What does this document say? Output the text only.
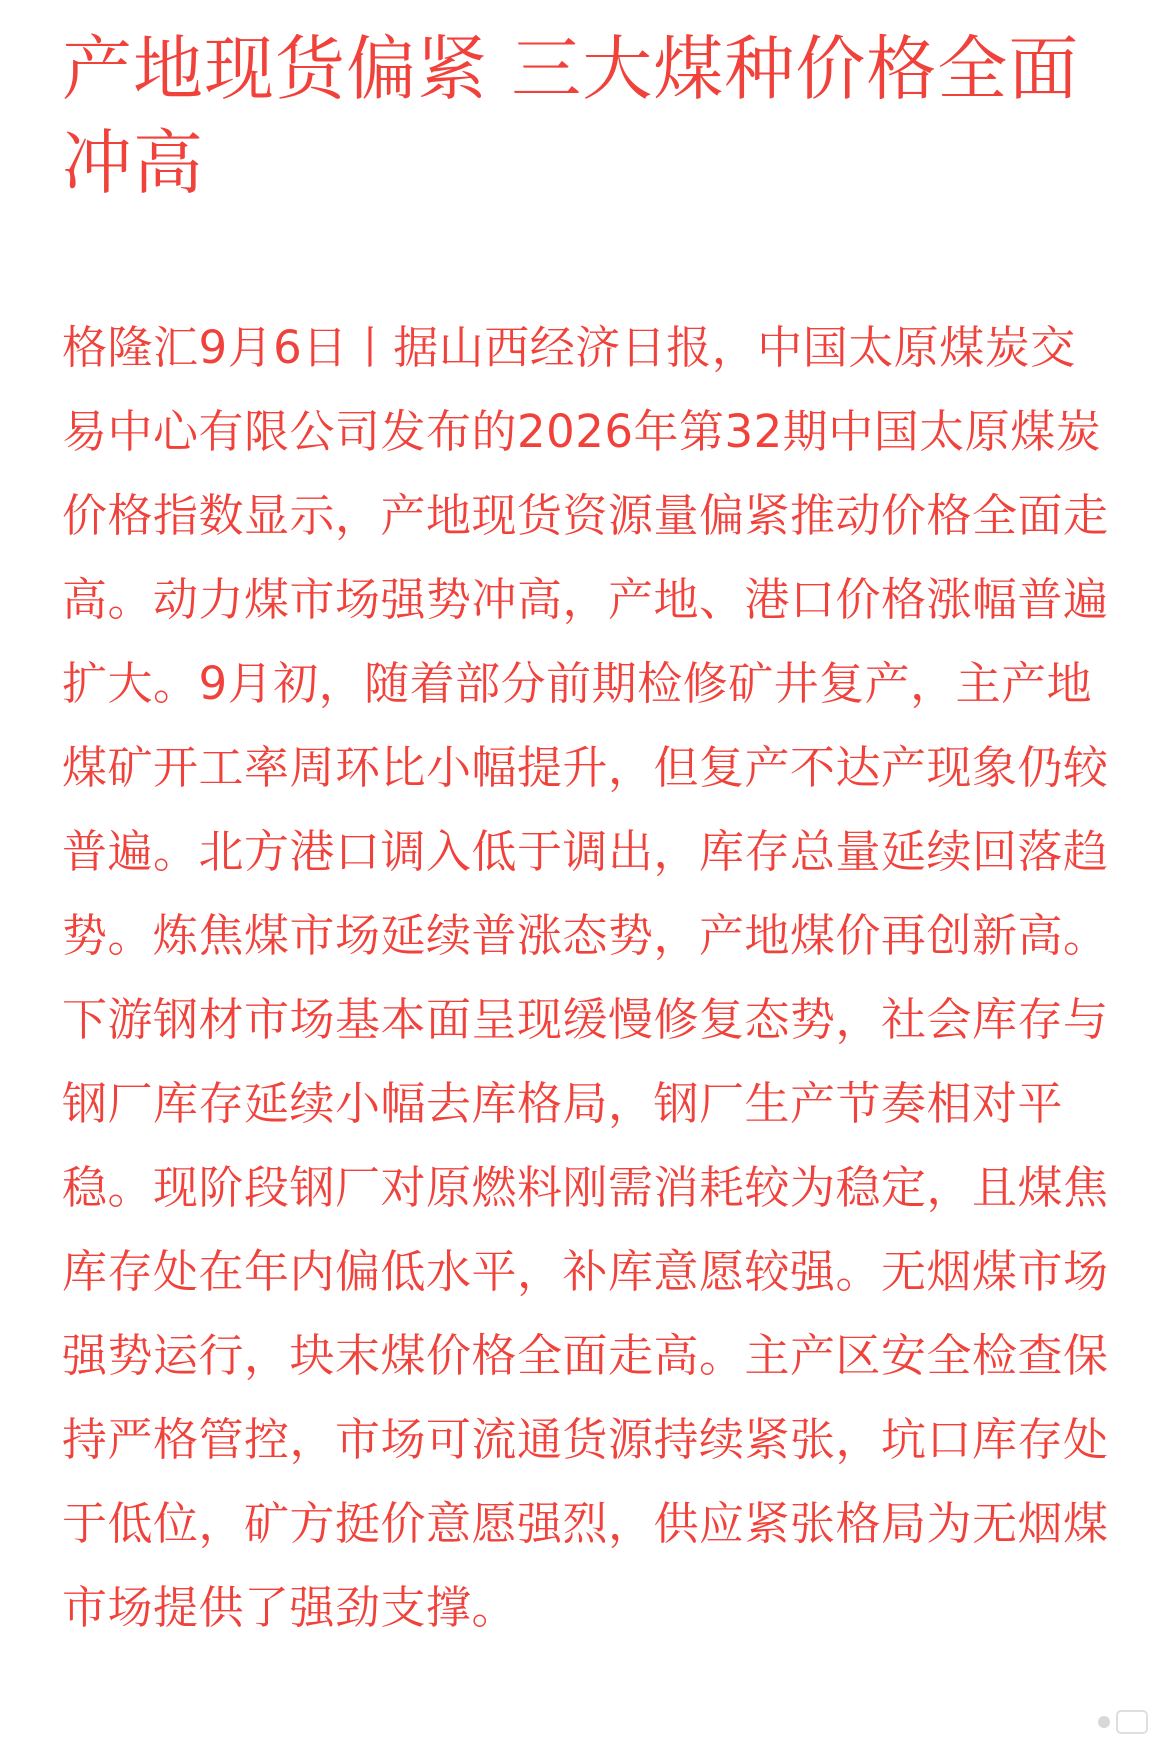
产地现货偏紧 三大煤种价格全面冲高

格隆汇9月6日丨据山西经济日报，中国太原煤炭交易中心有限公司发布的2026年第32期中国太原煤炭价格指数显示，产地现货资源量偏紧推动价格全面走高。动力煤市场强势冲高，产地、港口价格涨幅普遍扩大。9月初，随着部分前期检修矿井复产，主产地煤矿开工率周环比小幅提升，但复产不达产现象仍较普遍。北方港口调入低于调出，库存总量延续回落趋势。炼焦煤市场延续普涨态势，产地煤价再创新高。下游钢材市场基本面呈现缓慢修复态势，社会库存与钢厂库存延续小幅去库格局，钢厂生产节奏相对平稳。现阶段钢厂对原燃料刚需消耗较为稳定，且煤焦库存处在年内偏低水平，补库意愿较强。无烟煤市场强势运行，块末煤价格全面走高。主产区安全检查保持严格管控，市场可流通货源持续紧张，坑口库存处于低位，矿方挺价意愿强烈，供应紧张格局为无烟煤市场提供了强劲支撑。
